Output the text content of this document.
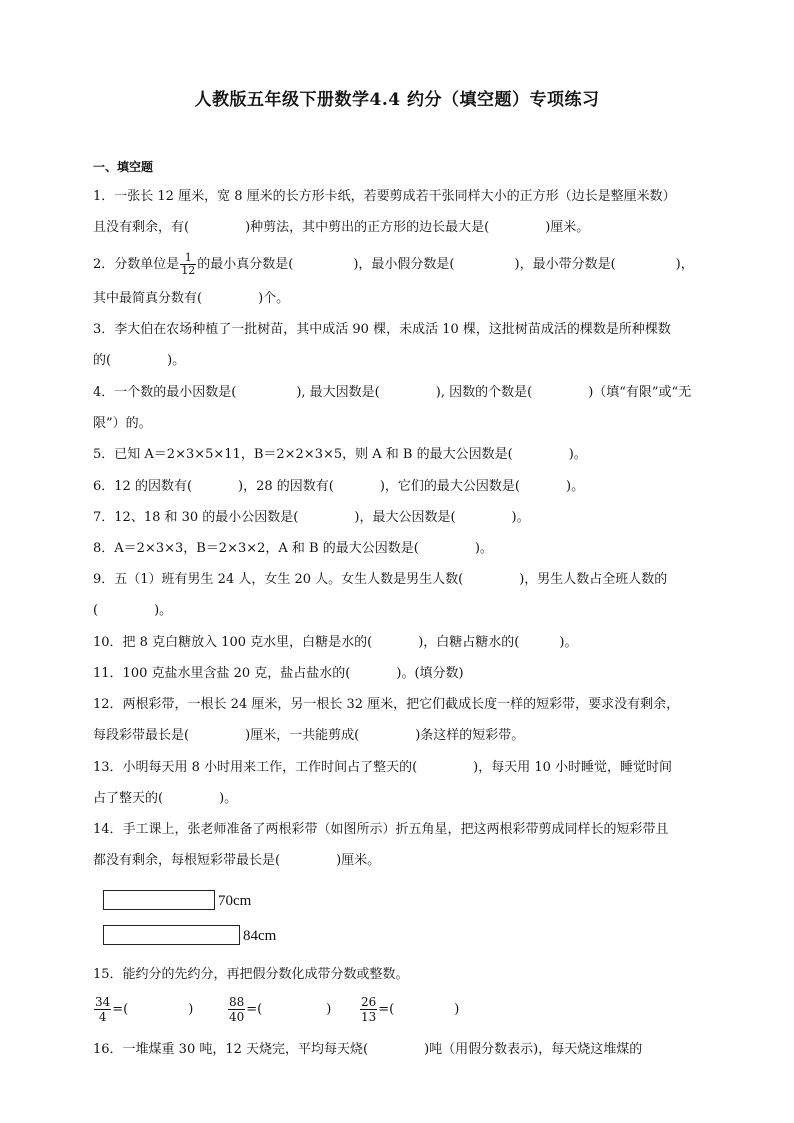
人教版五年级下册数学4.4 约分（填空题）专项练习
一、填空题
1．一张长 12 厘米，宽 8 厘米的长方形卡纸，若要剪成若干张同样大小的正方形（边长是整厘米数）
且没有剩余，有(	)种剪法，其中剪出的正方形的边长最大是(	)厘米。
2．分数单位是 $\frac{1}{12}$ 的最小真分数是(	)，最小假分数是(	)，最小带分数是(	)，
其中最简真分数有(	)个。
3．李大伯在农场种植了一批树苗，其中成活 90 棵，未成活 10 棵，这批树苗成活的棵数是所种棵数
的(	)。
4．一个数的最小因数是(	), 最大因数是(	), 因数的个数是(	)（填“有限”或“无
限”）的。
5．已知 A＝2×3×5×11，B＝2×2×3×5，则 A 和 B 的最大公因数是(	)。
6．12 的因数有(	)，28 的因数有(	)，它们的最大公因数是(	)。
7．12、18 和 30 的最小公因数是(	)，最大公因数是(	)。
8．A＝2×3×3，B＝2×3×2，A 和 B 的最大公因数是(	)。
9．五（1）班有男生 24 人，女生 20 人。女生人数是男生人数(	)，男生人数占全班人数的
(	)。
10．把 8 克白糖放入 100 克水里，白糖是水的(	)，白糖占糖水的(	)。
11．100 克盐水里含盐 20 克，盐占盐水的(	)。(填分数)
12．两根彩带，一根长 24 厘米，另一根长 32 厘米，把它们截成长度一样的短彩带，要求没有剩余，
每段彩带最长是(	)厘米，一共能剪成(	)条这样的短彩带。
13．小明每天用 8 小时用来工作，工作时间占了整天的(	)，每天用 10 小时睡觉，睡觉时间
占了整天的(	)。
14．手工课上，张老师准备了两根彩带（如图所示）折五角星，把这两根彩带剪成同样长的短彩带且
都没有剩余，每根短彩带最长是(	)厘米。
70cm
84cm
15．能约分的先约分，再把假分数化成带分数或整数。
$\frac{34}{4}$ =(	)	$\frac{88}{40}$ =(	) $\frac{26}{13}$ =(	)
16．一堆煤重 30 吨，12 天烧完，平均每天烧(	)吨（用假分数表示)，每天烧这堆煤的
